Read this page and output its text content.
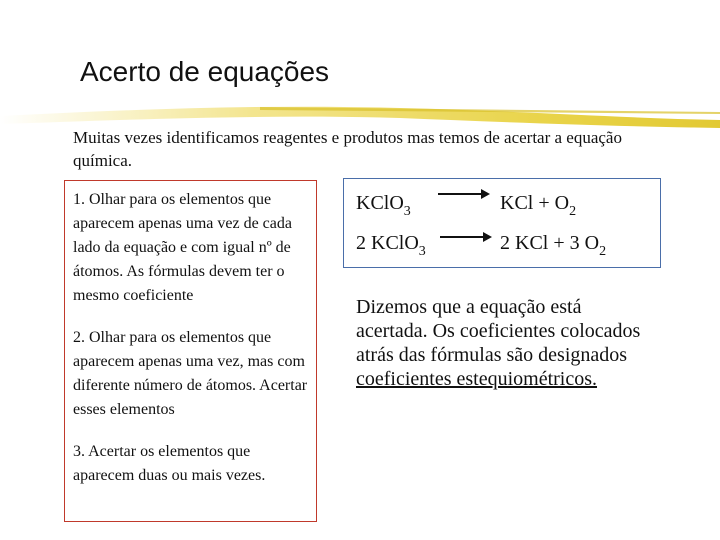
Acerto de equações
Muitas vezes identificamos reagentes e produtos mas temos de acertar a equação química.

1. Olhar para os elementos que aparecem apenas uma vez de cada lado da equação e com igual nº de átomos. As fórmulas devem ter o mesmo coeficiente

2. Olhar para os elementos que aparecem apenas uma vez, mas com diferente número de átomos. Acertar esses elementos

3. Acertar os elementos que aparecem duas ou mais vezes.

KClO$_3$ → KCl + $O_2$
2 KClO$_3$ → 2 KCl + 3 $O_2$
Dizemos que a equação está acertada. Os coeficientes colocados atrás das fórmulas são designados coeficientes estequiométricos.
